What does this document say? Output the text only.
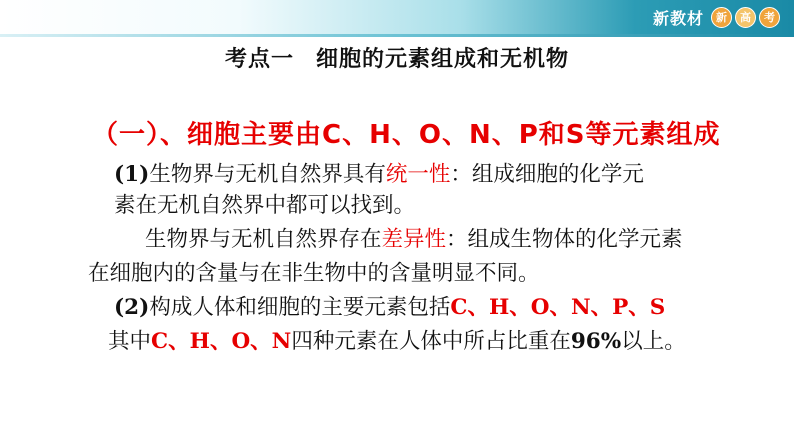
新教材	新	高	考
考点一 细胞的元素组成和无机物
（一）、细胞主要由C、H、O、N、P和S等元素组成
(1)生物界与无机自然界具有统一性：组成细胞的化学元
素在无机自然界中都可以找到。
生物界与无机自然界存在差异性：组成生物体的化学元素
在细胞内的含量与在非生物中的含量明显不同。
(2)构成人体和细胞的主要元素包括C、H、O、N、P、S
其中C、H、O、N四种元素在人体中所占比重在96%以上。
